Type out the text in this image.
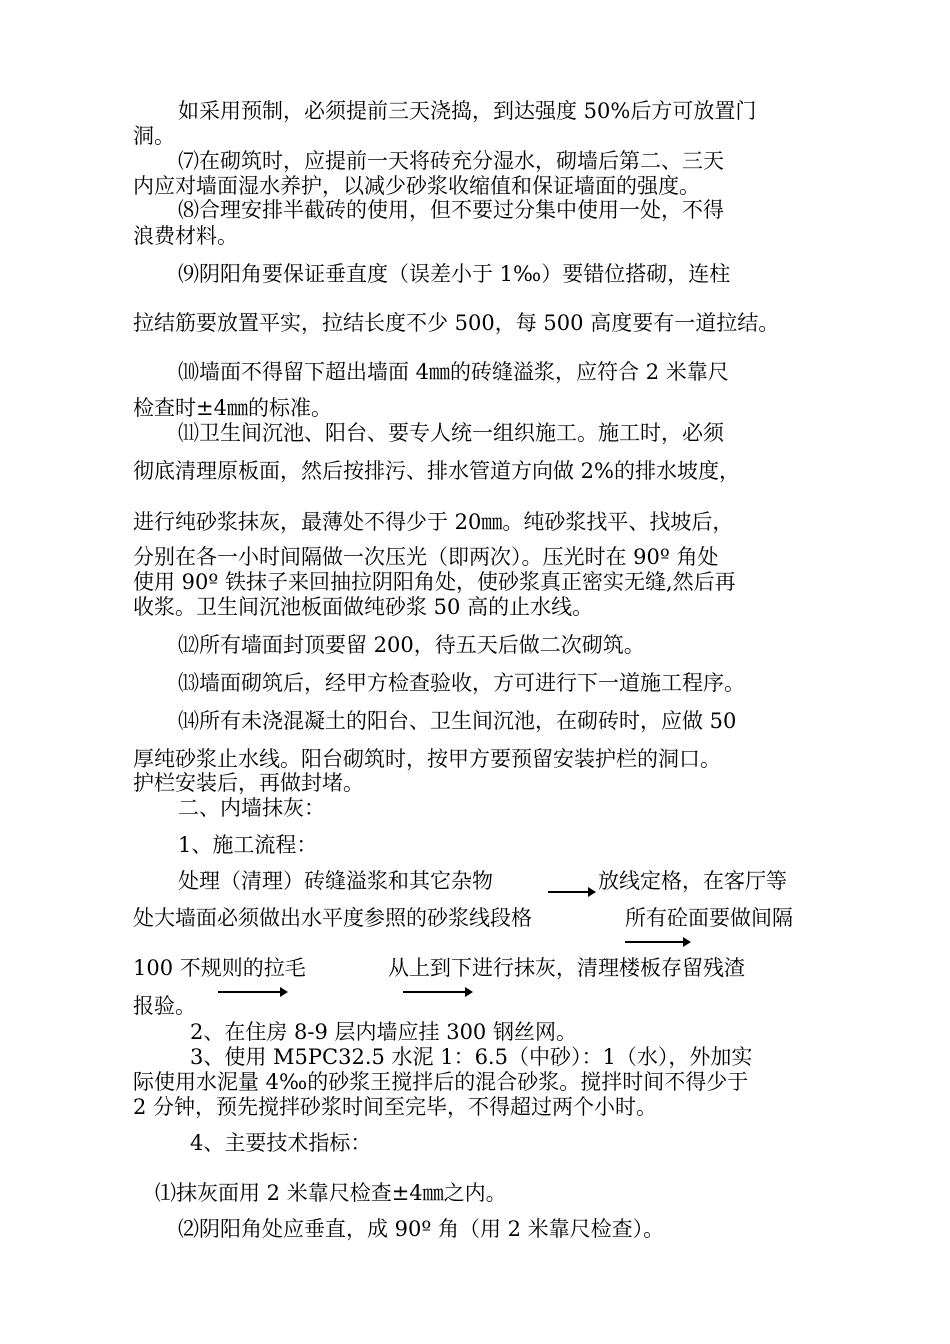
如采用预制，必须提前三天浇捣，到达强度 50%后方可放置门
洞。
⑺在砌筑时，应提前一天将砖充分湿水，砌墙后第二、三天
内应对墙面湿水养护，以减少砂浆收缩值和保证墙面的强度。
⑻合理安排半截砖的使用，但不要过分集中使用一处，不得
浪费材料。
⑼阴阳角要保证垂直度（误差小于 1‰）要错位搭砌，连柱
拉结筋要放置平实，拉结长度不少 500，每 500 高度要有一道拉结。
⑽墙面不得留下超出墙面 4㎜的砖缝溢浆，应符合 2 米靠尺
检查时±4㎜的标准。
⑾卫生间沉池、阳台、要专人统一组织施工。施工时，必须
彻底清理原板面，然后按排污、排水管道方向做 2%的排水坡度，
进行纯砂浆抹灰，最薄处不得少于 20㎜。纯砂浆找平、找坡后，
分别在各一小时间隔做一次压光（即两次）。压光时在 90º 角处
使用 90º 铁抹子来回抽拉阴阳角处，使砂浆真正密实无缝,然后再
收浆。卫生间沉池板面做纯砂浆 50 高的止水线。
⑿所有墙面封顶要留 200，待五天后做二次砌筑。
⒀墙面砌筑后，经甲方检查验收，方可进行下一道施工程序。
⒁所有未浇混凝土的阳台、卫生间沉池，在砌砖时，应做 50
厚纯砂浆止水线。阳台砌筑时，按甲方要预留安装护栏的洞口。
护栏安装后，再做封堵。
二、内墙抹灰：
1、施工流程：
处理（清理）砖缝溢浆和其它杂物	放线定格，在客厅等
处大墙面必须做出水平度参照的砂浆线段格	所有砼面要做间隔
100 不规则的拉毛	从上到下进行抹灰，清理楼板存留残渣
报验。
2、在住房 8-9 层内墙应挂 300 钢丝网。
3、使用 M5PC32.5 水泥 1：6.5（中砂）：1（水），外加实
际使用水泥量 4‰的砂浆王搅拌后的混合砂浆。搅拌时间不得少于
2 分钟，预先搅拌砂浆时间至完毕，不得超过两个小时。
4、主要技术指标：
⑴抹灰面用 2 米靠尺检查±4㎜之内。
⑵阴阳角处应垂直，成 90º 角（用 2 米靠尺检查）。
